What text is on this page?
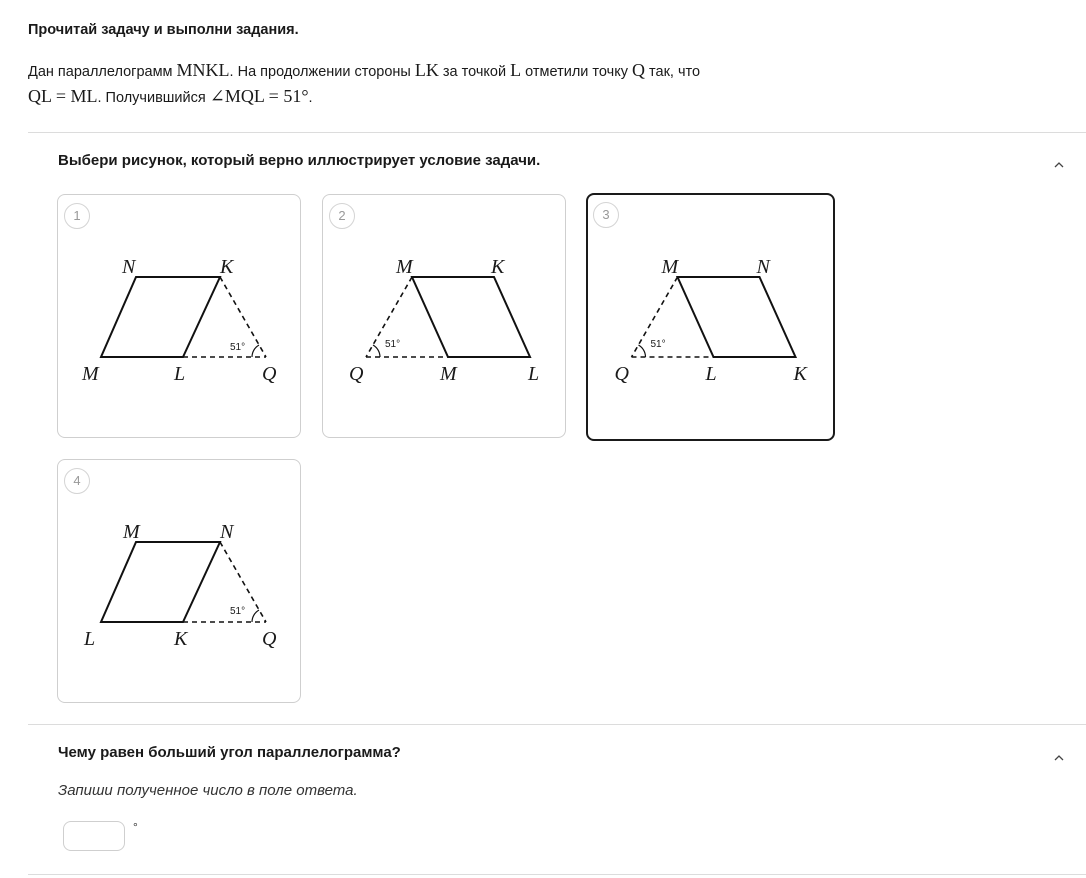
Прочитай задачу и выполни задания.
Дан параллелограмм MNKL. На продолжении стороны LK за точкой L отметили точку Q так, что
QL = ML. Получившийся ∠MQL = 51°.
Выбери рисунок, который верно иллюстрирует условие задачи.
1
51°
N	K
M	L	Q
2
51°
M	K
Q	M	L
3
51°
M	N
Q	L	K
4
51°
M	N
L	K	Q
Чему равен больший угол параллелограмма?
Запиши полученное число в поле ответа.
°
